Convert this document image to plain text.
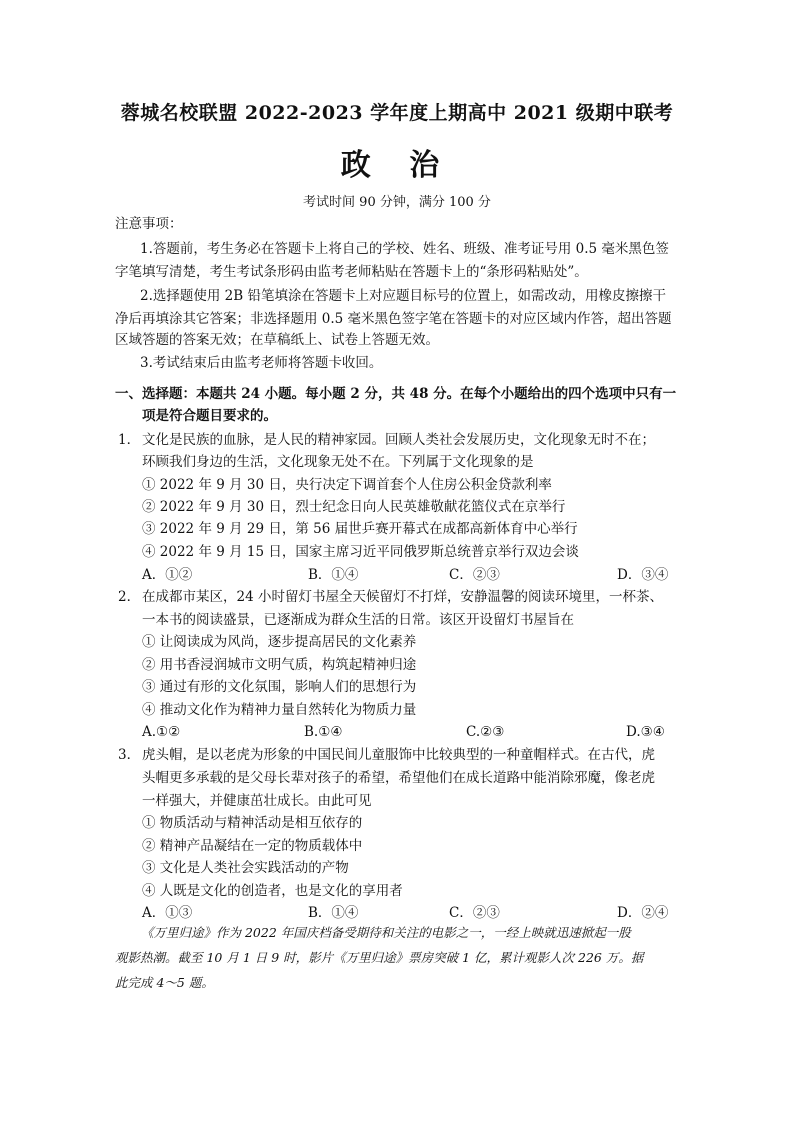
蓉城名校联盟 2022-2023 学年度上期高中 2021 级期中联考
政 治
考试时间 90 分钟，满分 100 分
注意事项：
1.答题前，考生务必在答题卡上将自己的学校、姓名、班级、准考证号用 0.5 毫米黑色签
字笔填写清楚，考生考试条形码由监考老师粘贴在答题卡上的“条形码粘贴处”。
2.选择题使用 2B 铅笔填涂在答题卡上对应题目标号的位置上，如需改动，用橡皮擦擦干
净后再填涂其它答案；非选择题用 0.5 毫米黑色签字笔在答题卡的对应区域内作答，超出答题
区域答题的答案无效；在草稿纸上、试卷上答题无效。
3.考试结束后由监考老师将答题卡收回。
一、选择题：本题共 24 小题。每小题 2 分，共 48 分。在每个小题给出的四个选项中只有一
项是符合题目要求的。
1． 文化是民族的血脉，是人民的精神家园。回顾人类社会发展历史，文化现象无时不在；
环顾我们身边的生活，文化现象无处不在。下列属于文化现象的是
① 2022 年 9 月 30 日，央行决定下调首套个人住房公积金贷款利率
② 2022 年 9 月 30 日，烈士纪念日向人民英雄敬献花篮仪式在京举行
③ 2022 年 9 月 29 日，第 56 届世乒赛开幕式在成都高新体育中心举行
④ 2022 年 9 月 15 日，国家主席习近平同俄罗斯总统普京举行双边会谈
A．①②	B．①④	C．②③	D．③④
2． 在成都市某区，24 小时留灯书屋全天候留灯不打烊，安静温馨的阅读环境里，一杯茶、
一本书的阅读盛景，已逐渐成为群众生活的日常。该区开设留灯书屋旨在
① 让阅读成为风尚，逐步提高居民的文化素养
② 用书香浸润城市文明气质，构筑起精神归途
③ 通过有形的文化氛围，影响人们的思想行为
④ 推动文化作为精神力量自然转化为物质力量
A.①②	B.①④	C.②③	D.③④
3． 虎头帽，是以老虎为形象的中国民间儿童服饰中比较典型的一种童帽样式。在古代，虎
头帽更多承载的是父母长辈对孩子的希望，希望他们在成长道路中能消除邪魔，像老虎
一样强大，并健康茁壮成长。由此可见
① 物质活动与精神活动是相互依存的
② 精神产品凝结在一定的物质载体中
③ 文化是人类社会实践活动的产物
④ 人既是文化的创造者，也是文化的享用者
A．①③	B．①④	C．②③	D．②④
《万里归途》作为 2022 年国庆档备受期待和关注的电影之一，一经上映就迅速掀起一股
观影热潮。截至 10 月 1 日 9 时，影片《万里归途》票房突破 1 亿，累计观影人次 226 万。据
此完成 4～5 题。
